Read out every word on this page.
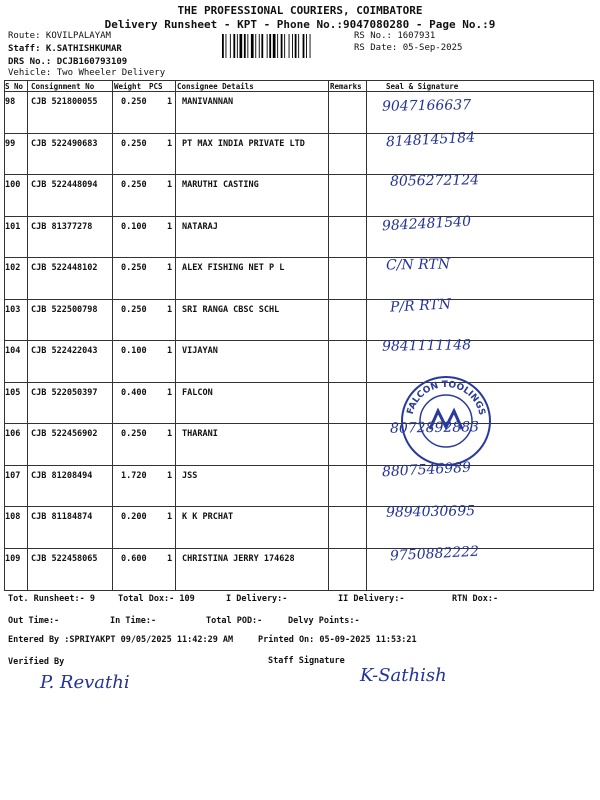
THE PROFESSIONAL COURIERS, COIMBATORE
Delivery Runsheet - KPT - Phone No.:9047080280 - Page No.:9
Route: KOVILPALAYAM
Staff: K.SATHISHKUMAR
DRS No.: DCJB160793109
Vehicle: Two Wheeler Delivery
RS No.: 1607931
RS Date: 05-Sep-2025
S No Consignment No	Weight PCS Consignee Details	Remarks	Seal & Signature
98 CJB 521800055	0.250 1 MANIVANNAN	9047166637
99 CJB 522490683	0.250 1 PT MAX INDIA PRIVATE LTD	8148145184
100 CJB 522448094	0.250 1 MARUTHI CASTING	8056272124
101 CJB 81377278	0.100 1 NATARAJ	9842481540
102 CJB 522448102	0.250 1 ALEX FISHING NET P L	C/N RTN
103 CJB 522500798	0.250 1 SRI RANGA CBSC SCHL	P/R RTN
104 CJB 522422043	0.100 1 VIJAYAN	9841111148
105 CJB 522050397	0.400 1 FALCON
106 CJB 522456902	0.250 1 THARANI	8072892883
107 CJB 81208494	1.720 1 JSS	8807546989
108 CJB 81184874	0.200 1 K K PRCHAT	9894030695
109 CJB 522458065	0.600 1 CHRISTINA JERRY 174628	9750882222
FALCON TOOLINGS
Tot. Runsheet:- 9	Total Dox:- 109	I Delivery:-	II Delivery:-	RTN Dox:-
Out Time:-	In Time:-	Total POD:-	Delvy Points:-
Entered By :SPRIYAKPT 09/05/2025 11:42:29 AM	Printed On: 05-09-2025 11:53:21
Verified By	Staff Signature
P. Revathi	K-Sathish
